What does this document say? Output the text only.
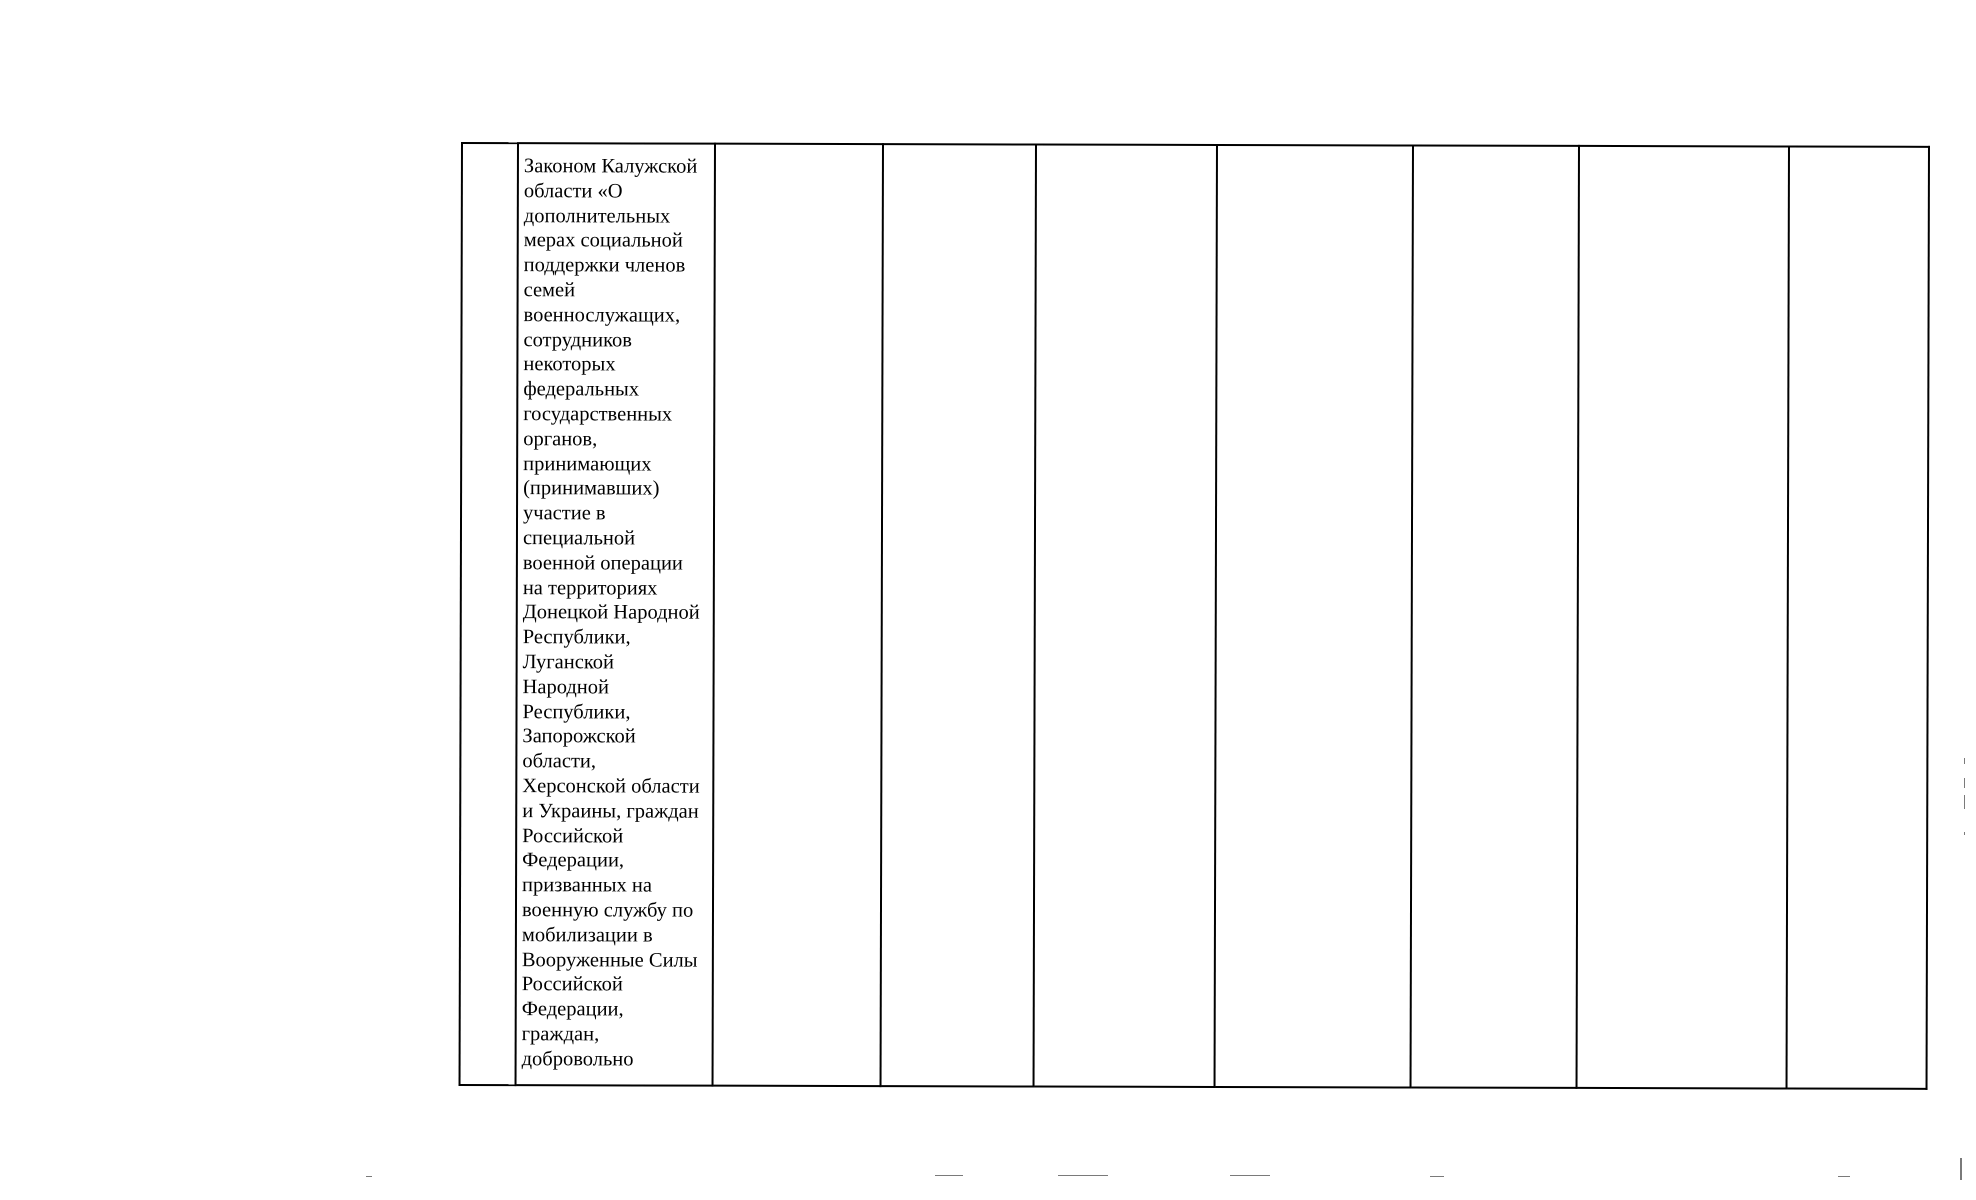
	Законом Калужской
области «О
дополнительных
мерах социальной
поддержки членов
семей
военнослужащих,
сотрудников
некоторых
федеральных
государственных
органов,
принимающих
(принимавших)
участие в
специальной
военной операции
на территориях
Донецкой Народной
Республики,
Луганской
Народной
Республики,
Запорожской
области,
Херсонской области
и Украины, граждан
Российской
Федерации,
призванных на
военную службу по
мобилизации в
Вооруженные Силы
Российской
Федерации,
граждан,
добровольно							
